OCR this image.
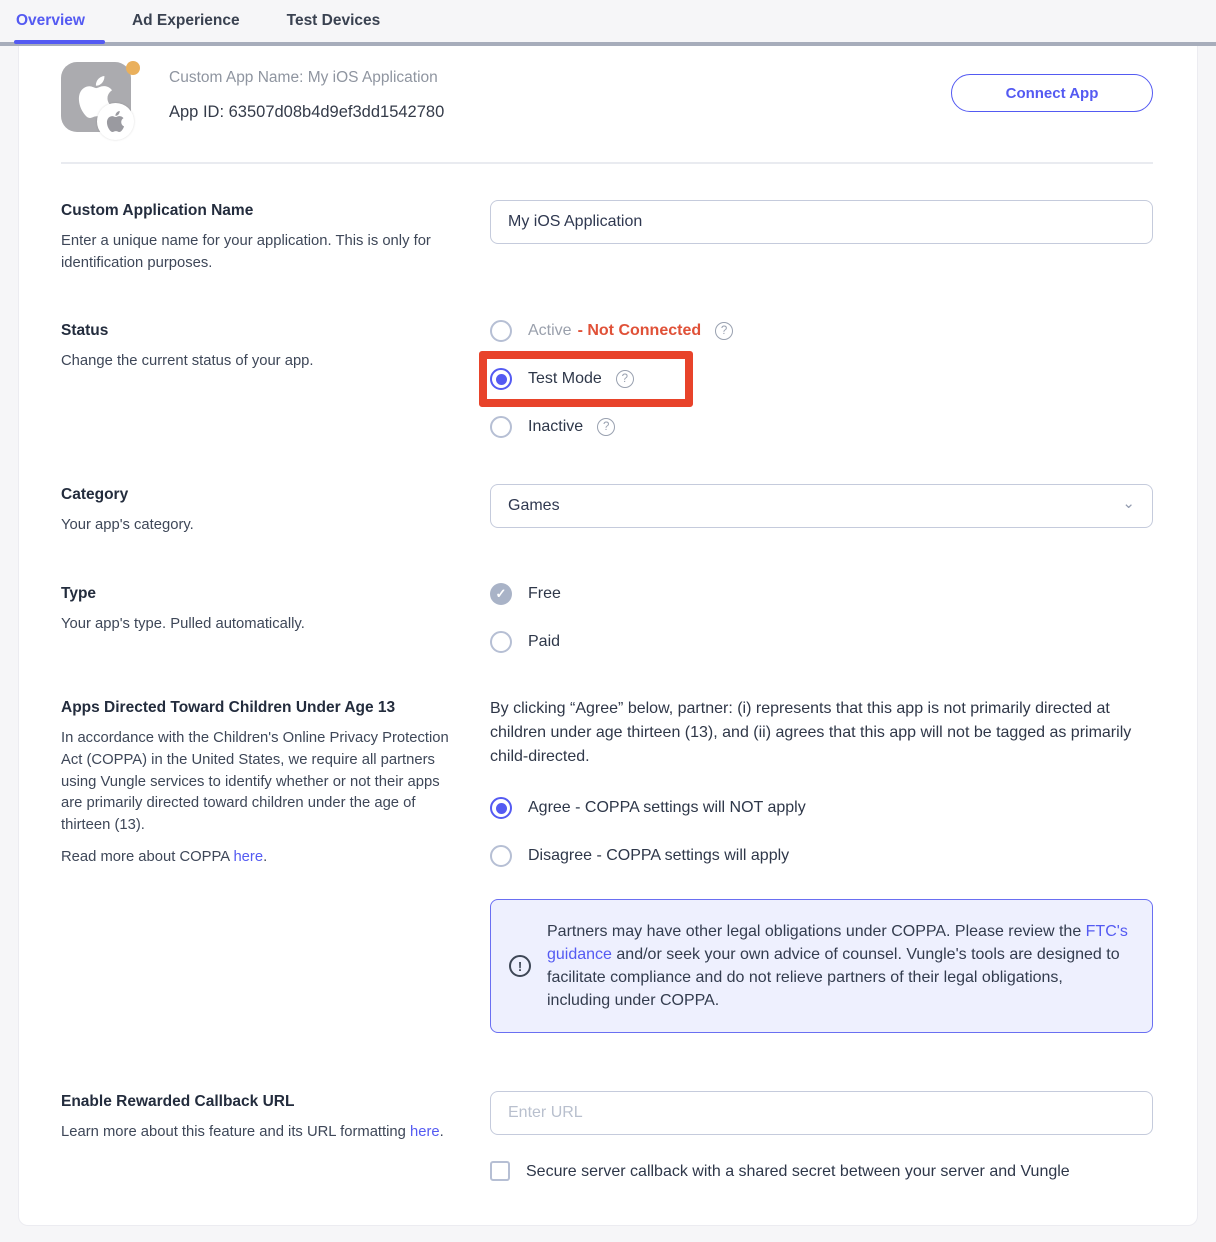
Overview	Ad Experience	Test Devices
Custom App Name: My iOS Application
App ID: 63507d08b4d9ef3dd1542780
Connect App
Custom Application Name
Enter a unique name for your application. This is only for identification purposes.
My iOS Application
Status
Change the current status of your app.
Active - Not Connected	?
Test Mode	?
Inactive	?
Category
Your app's category.
Games	⌄
Type
Your app's type. Pulled automatically.
✓	Free
Paid
Apps Directed Toward Children Under Age 13
In accordance with the Children's Online Privacy Protection Act (COPPA) in the United States, we require all partners using Vungle services to identify whether or not their apps are primarily directed toward children under the age of thirteen (13).
Read more about COPPA here.

By clicking “Agree” below, partner: (i) represents that this app is not primarily directed at children under age thirteen (13), and (ii) agrees that this app will not be tagged as primarily child-directed.

Agree - COPPA settings will NOT apply
Disagree - COPPA settings will apply
!

Partners may have other legal obligations under COPPA. Please review the FTC's guidance and/or seek your own advice of counsel. Vungle's tools are designed to facilitate compliance and do not relieve partners of their legal obligations, including under COPPA.

Enable Rewarded Callback URL
Learn more about this feature and its URL formatting here.
Enter URL
Secure server callback with a shared secret between your server and Vungle
